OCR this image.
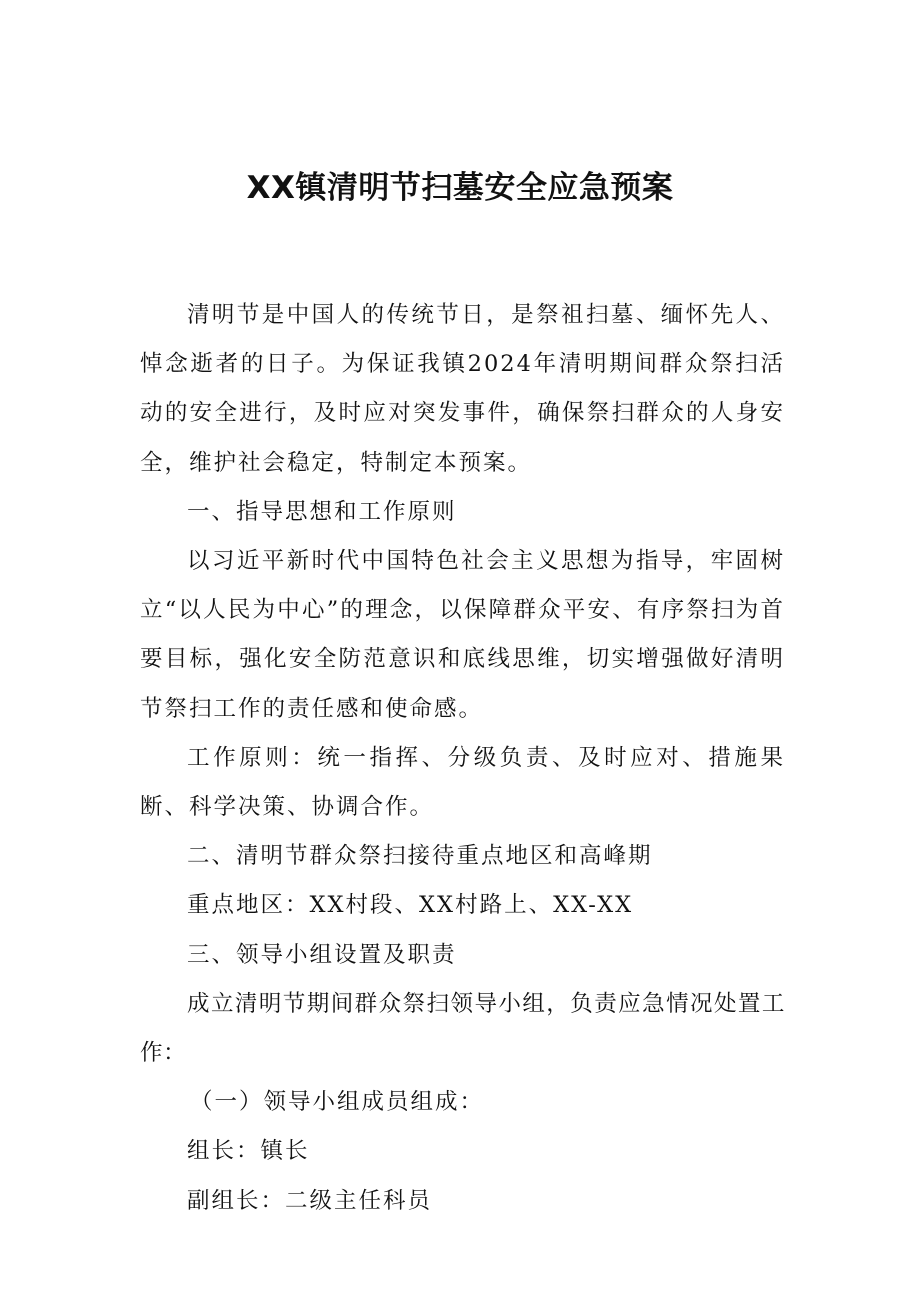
XX镇清明节扫墓安全应急预案

清明节是中国人的传统节日，是祭祖扫墓、缅怀先人、悼念逝者的日子。为保证我镇2024年清明期间群众祭扫活动的安全进行，及时应对突发事件，确保祭扫群众的人身安全，维护社会稳定，特制定本预案。

一、指导思想和工作原则

以习近平新时代中国特色社会主义思想为指导，牢固树立“以人民为中心”的理念，以保障群众平安、有序祭扫为首要目标，强化安全防范意识和底线思维，切实增强做好清明节祭扫工作的责任感和使命感。

工作原则：统一指挥、分级负责、及时应对、措施果断、科学决策、协调合作。

二、清明节群众祭扫接待重点地区和高峰期

重点地区：XX村段、XX村路上、XX-XX

三、领导小组设置及职责

成立清明节期间群众祭扫领导小组，负责应急情况处置工作：

（一）领导小组成员组成：

组长：镇长

副组长：二级主任科员
